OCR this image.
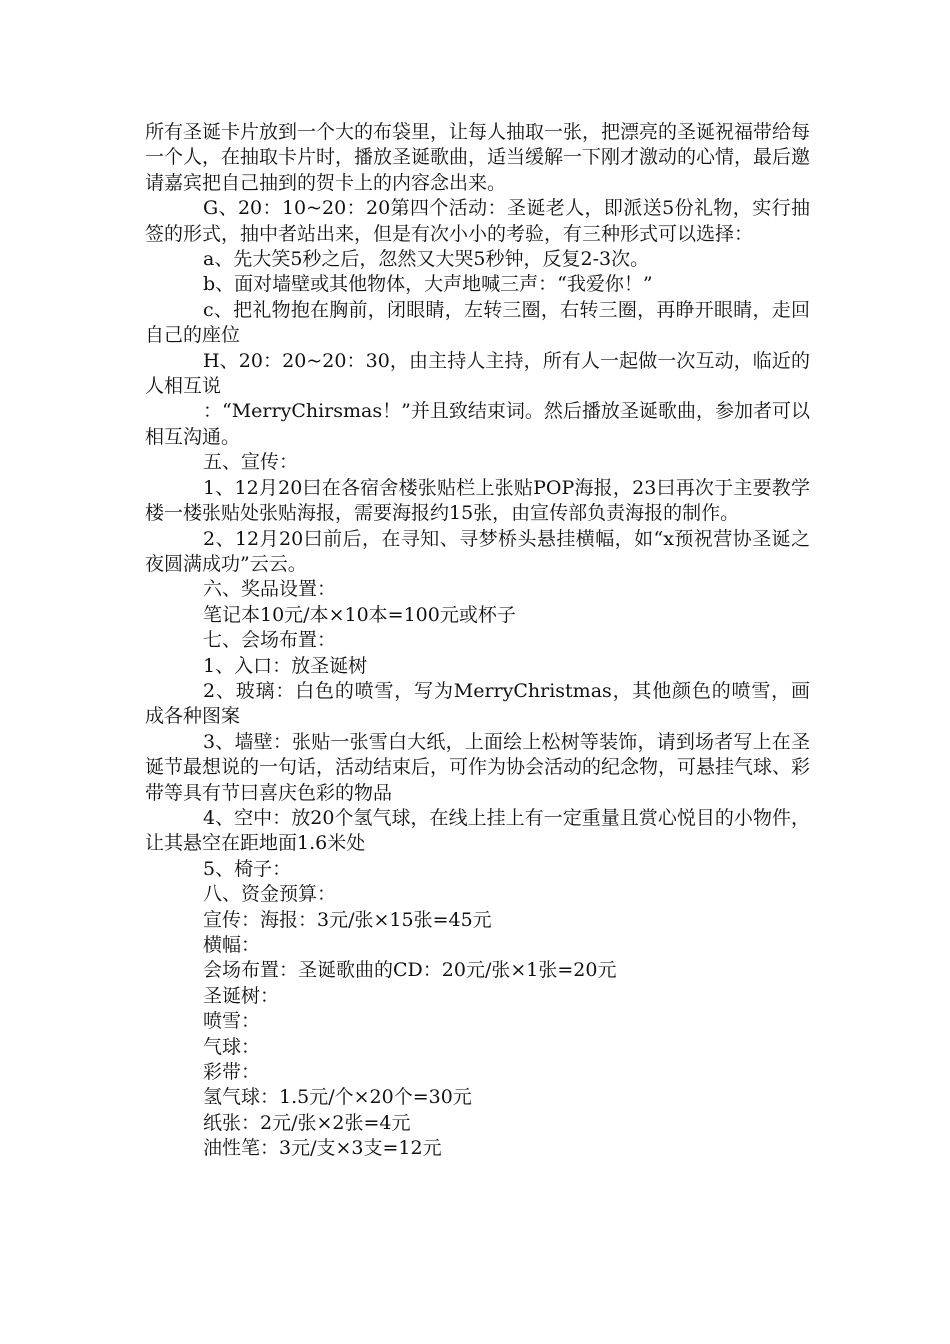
所有圣诞卡片放到一个大的布袋里，让每人抽取一张，把漂亮的圣诞祝福带给每一个人，在抽取卡片时，播放圣诞歌曲，适当缓解一下刚才激动的心情，最后邀请嘉宾把自己抽到的贺卡上的内容念出来。

G、20：10~20：20第四个活动：圣诞老人，即派送5份礼物，实行抽签的形式，抽中者站出来，但是有次小小的考验，有三种形式可以选择：

a、先大笑5秒之后，忽然又大哭5秒钟，反复2-3次。

b、面对墙壁或其他物体，大声地喊三声：“我爱你！”

c、把礼物抱在胸前，闭眼睛，左转三圈，右转三圈，再睁开眼睛，走回自己的座位

H、20：20~20：30，由主持人主持，所有人一起做一次互动，临近的人相互说

：“MerryChirsmas！”并且致结束词。然后播放圣诞歌曲，参加者可以相互沟通。

五、宣传：

1、12月20曰在各宿舍楼张贴栏上张贴POP海报，23曰再次于主要教学楼一楼张贴处张贴海报，需要海报约15张，由宣传部负责海报的制作。

2、12月20曰前后，在寻知、寻梦桥头悬挂横幅，如“x预祝营协圣诞之夜圆满成功”云云。

六、奖品设置：

笔记本10元/本×10本=100元或杯子

七、会场布置：

1、入口：放圣诞树

2、玻璃：白色的喷雪，写为MerryChristmas，其他颜色的喷雪，画成各种图案

3、墙壁：张贴一张雪白大纸，上面绘上松树等装饰，请到场者写上在圣诞节最想说的一句话，活动结束后，可作为协会活动的纪念物，可悬挂气球、彩带等具有节曰喜庆色彩的物品

4、空中：放20个氢气球，在线上挂上有一定重量且赏心悦目的小物件，让其悬空在距地面1.6米处

5、椅子：

八、资金预算：

宣传：海报：3元/张×15张=45元

横幅：

会场布置：圣诞歌曲的CD：20元/张×1张=20元

圣诞树：

喷雪：

气球：

彩带：

氢气球：1.5元/个×20个=30元

纸张：2元/张×2张=4元

油性笔：3元/支×3支=12元
